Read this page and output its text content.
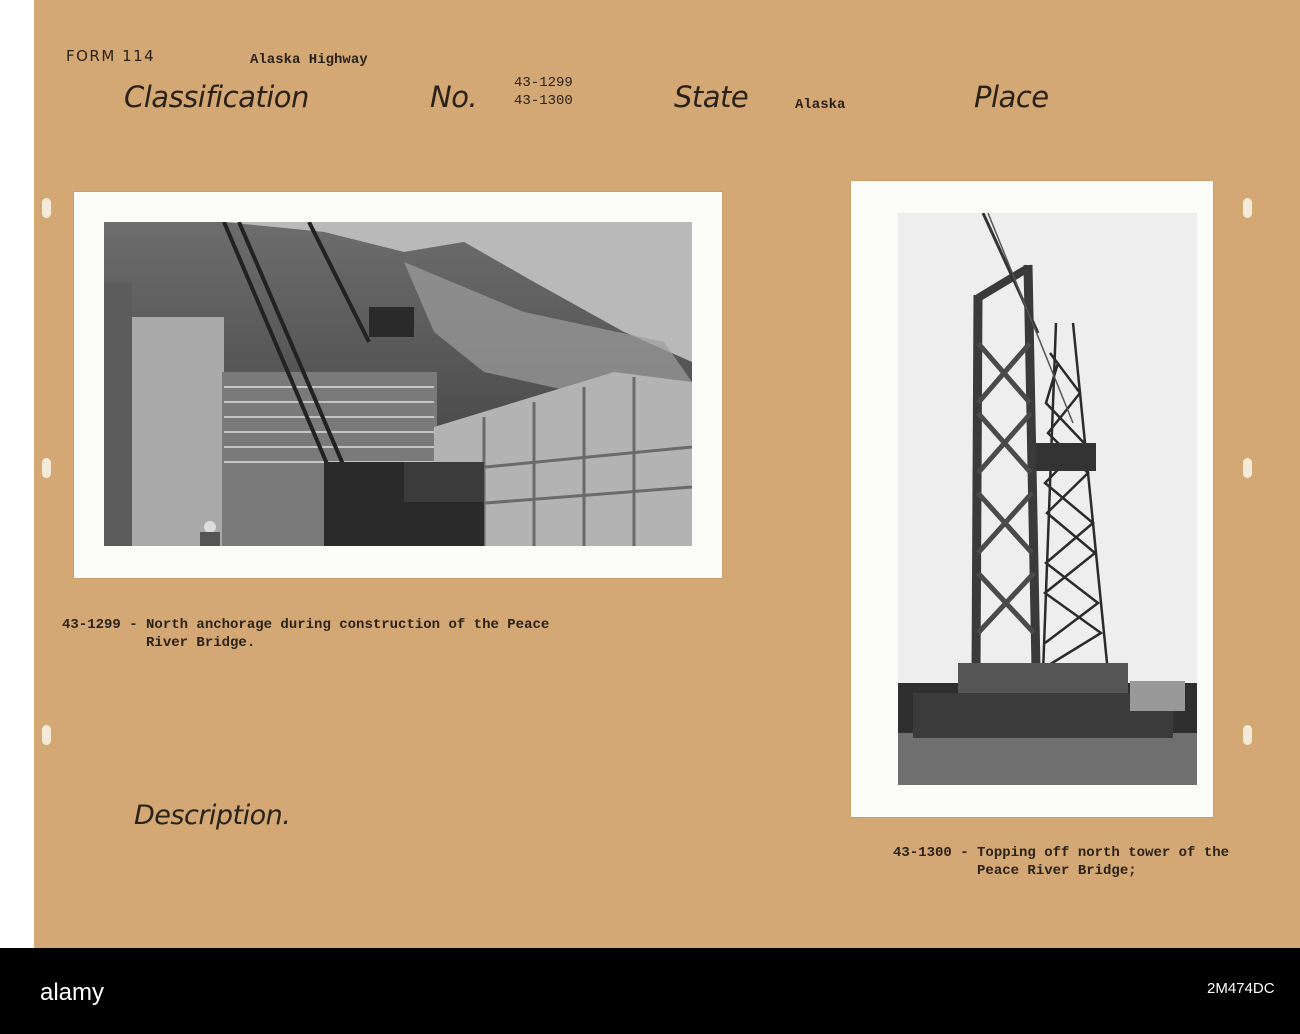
FORM 114	Alaska Highway
Classification	No.	43-1299
43-1300	State	Alaska	Place
43-1299 - North anchorage during construction of the Peace
River Bridge.
43-1300 - Topping off north tower of the
Peace River Bridge;
Description.
alamy	2M474DC
